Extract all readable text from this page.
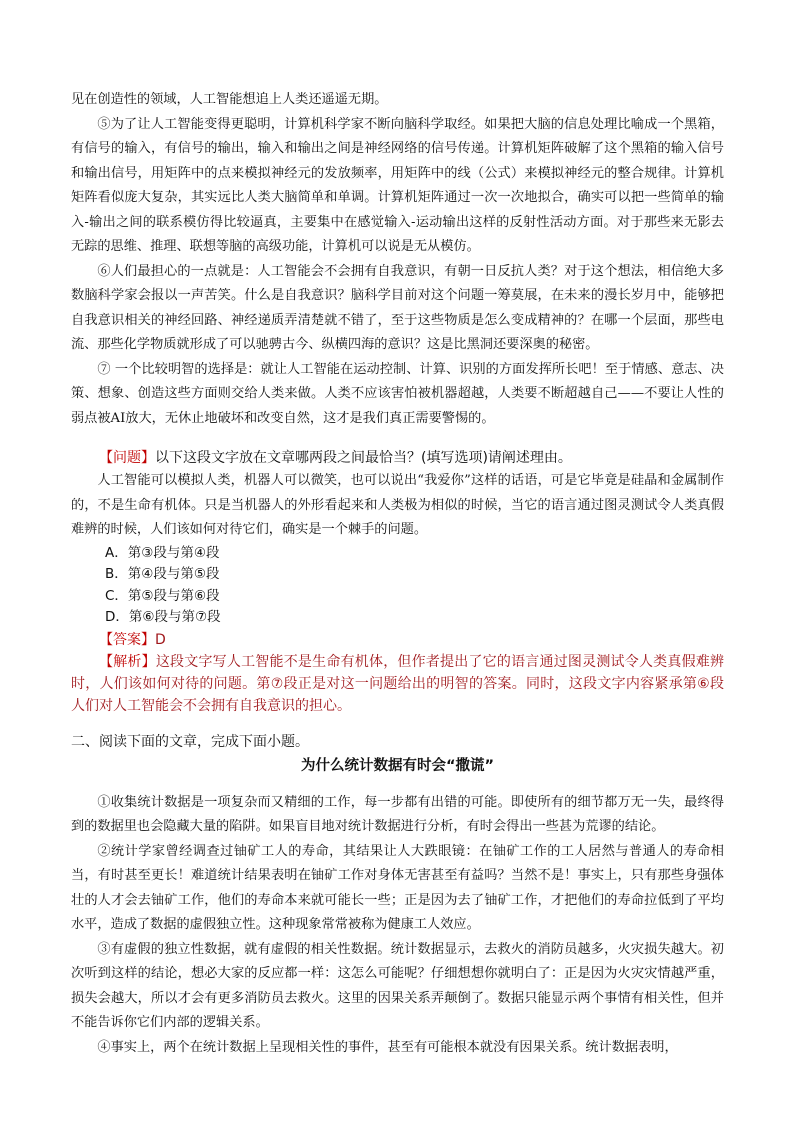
见在创造性的领域，人工智能想追上人类还遥遥无期。

⑤为了让人工智能变得更聪明，计算机科学家不断向脑科学取经。如果把大脑的信息处理比喻成一个黑箱，有信号的输入，有信号的输出，输入和输出之间是神经网络的信号传递。计算机矩阵破解了这个黑箱的输入信号和输出信号，用矩阵中的点来模拟神经元的发放频率，用矩阵中的线（公式）来模拟神经元的整合规律。计算机矩阵看似庞大复杂，其实远比人类大脑简单和单调。计算机矩阵通过一次一次地拟合，确实可以把一些简单的输入-输出之间的联系模仿得比较逼真，主要集中在感觉输入-运动输出这样的反射性活动方面。对于那些来无影去无踪的思维、推理、联想等脑的高级功能，计算机可以说是无从模仿。

⑥人们最担心的一点就是：人工智能会不会拥有自我意识，有朝一日反抗人类？对于这个想法，相信绝大多数脑科学家会报以一声苦笑。什么是自我意识？脑科学目前对这个问题一筹莫展，在未来的漫长岁月中，能够把自我意识相关的神经回路、神经递质弄清楚就不错了，至于这些物质是怎么变成精神的？在哪一个层面，那些电流、那些化学物质就形成了可以驰骋古今、纵横四海的意识？这是比黑洞还要深奥的秘密。

⑦ 一个比较明智的选择是：就让人工智能在运动控制、计算、识别的方面发挥所长吧！至于情感、意志、决策、想象、创造这些方面则交给人类来做。人类不应该害怕被机器超越，人类要不断超越自己——不要让人性的弱点被AI放大，无休止地破坏和改变自然，这才是我们真正需要警惕的。

【问题】以下这段文字放在文章哪两段之间最恰当？(填写选项)请阐述理由。

人工智能可以模拟人类，机器人可以微笑，也可以说出“我爱你”这样的话语，可是它毕竟是硅晶和金属制作的，不是生命有机体。只是当机器人的外形看起来和人类极为相似的时候，当它的语言通过图灵测试令人类真假难辨的时候，人们该如何对待它们，确实是一个棘手的问题。

A．第③段与第④段
B．第④段与第⑤段
C．第⑤段与第⑥段
D．第⑥段与第⑦段

【答案】D

【解析】这段文字写人工智能不是生命有机体，但作者提出了它的语言通过图灵测试令人类真假难辨时，人们该如何对待的问题。第⑦段正是对这一问题给出的明智的答案。同时，这段文字内容紧承第⑥段人们对人工智能会不会拥有自我意识的担心。

二、阅读下面的文章，完成下面小题。

为什么统计数据有时会“撒谎”

①收集统计数据是一项复杂而又精细的工作，每一步都有出错的可能。即使所有的细节都万无一失，最终得到的数据里也会隐藏大量的陷阱。如果盲目地对统计数据进行分析，有时会得出一些甚为荒谬的结论。

②统计学家曾经调查过铀矿工人的寿命，其结果让人大跌眼镜：在铀矿工作的工人居然与普通人的寿命相当，有时甚至更长！难道统计结果表明在铀矿工作对身体无害甚至有益吗？当然不是！事实上，只有那些身强体壮的人才会去铀矿工作，他们的寿命本来就可能长一些；正是因为去了铀矿工作，才把他们的寿命拉低到了平均水平，造成了数据的虚假独立性。这种现象常常被称为健康工人效应。

③有虚假的独立性数据，就有虚假的相关性数据。统计数据显示，去救火的消防员越多，火灾损失越大。初次听到这样的结论，想必大家的反应都一样：这怎么可能呢？仔细想想你就明白了：正是因为火灾灾情越严重，损失会越大，所以才会有更多消防员去救火。这里的因果关系弄颠倒了。数据只能显示两个事情有相关性，但并不能告诉你它们内部的逻辑关系。

④事实上，两个在统计数据上呈现相关性的事件，甚至有可能根本就没有因果关系。统计数据表明，
